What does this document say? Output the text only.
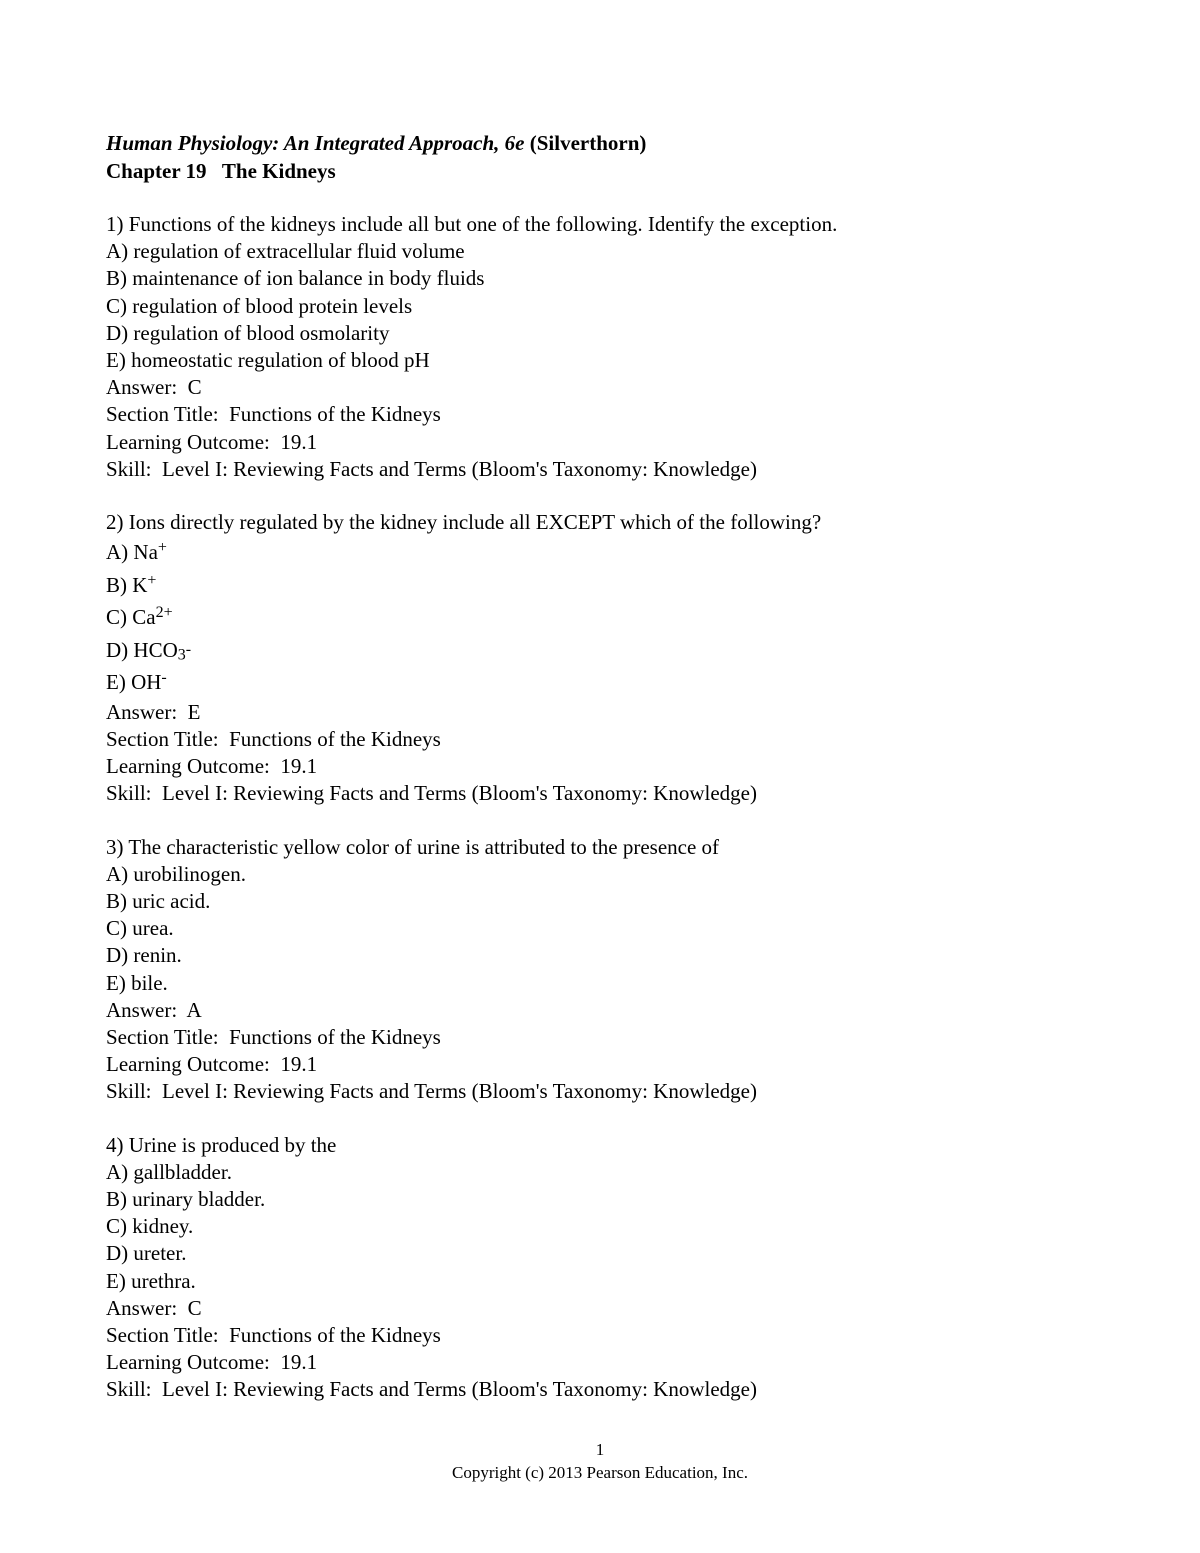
Human Physiology: An Integrated Approach, 6e (Silverthorn)
Chapter 19   The Kidneys
1) Functions of the kidneys include all but one of the following. Identify the exception.
A) regulation of extracellular fluid volume
B) maintenance of ion balance in body fluids
C) regulation of blood protein levels
D) regulation of blood osmolarity
E) homeostatic regulation of blood pH
Answer:  C
Section Title:  Functions of the Kidneys
Learning Outcome:  19.1
Skill:  Level I: Reviewing Facts and Terms (Bloom's Taxonomy: Knowledge)
2) Ions directly regulated by the kidney include all EXCEPT which of the following?
A) Na+
B) K+
C) $Ca^{2+}$
D) $HCO_3-$
E) OH-
Answer:  E
Section Title:  Functions of the Kidneys
Learning Outcome:  19.1
Skill:  Level I: Reviewing Facts and Terms (Bloom's Taxonomy: Knowledge)
3) The characteristic yellow color of urine is attributed to the presence of
A) urobilinogen.
B) uric acid.
C) urea.
D) renin.
E) bile.
Answer:  A
Section Title:  Functions of the Kidneys
Learning Outcome:  19.1
Skill:  Level I: Reviewing Facts and Terms (Bloom's Taxonomy: Knowledge)
4) Urine is produced by the
A) gallbladder.
B) urinary bladder.
C) kidney.
D) ureter.
E) urethra.
Answer:  C
Section Title:  Functions of the Kidneys
Learning Outcome:  19.1
Skill:  Level I: Reviewing Facts and Terms (Bloom's Taxonomy: Knowledge)
1
Copyright (c) 2013 Pearson Education, Inc.
